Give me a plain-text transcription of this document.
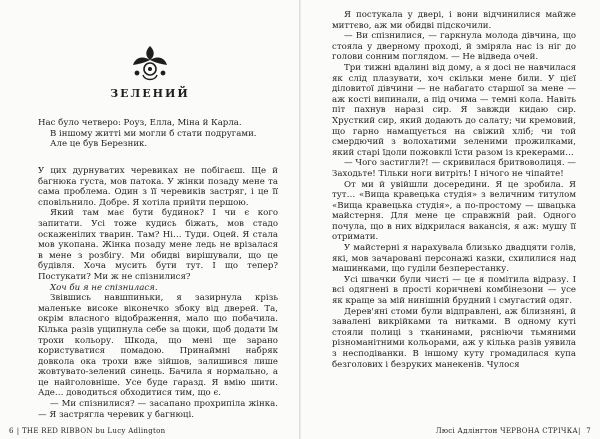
ЗЕЛЕНИЙ

Нас було четверо: Роуз, Елла, Міна й Карла.

В іншому житті ми могли б стати подругами.

Але це був Березник.

У цих дурнуватих черевиках не побігаєш. Ще й багнюка густа, мов патока. У жінки позаду мене та сама проблема. Один з її черевиків застряг, і це її сповільнило. Добре. Я хотіла прийти першою.

Який там має бути будинок? І чи є кого запитати. Усі тоже кудись біжать, мов стадо оскаженілих тварин. Там? Ні… Туди. Оцей. Я стала мов укопана. Жінка позаду мене ледь не врізалася в мене з розбігу. Ми обидві вирішували, що це будівля. Хоча мусить бути тут. І що тепер? Постукати? Ми ж не спізнилися?

Хоч би я не спізнилася.

Звівшись навшпиньки, я зазирнула крізь маленьке високе віконечко збоку від дверей. Та, окрім власного відображення, мало що побачила. Кілька разів ущипнула себе за щоки, щоб додати їм трохи кольору. Шкода, що мені ще зарано користуватися помадою. Принаймні набряк довкола ока трохи вже зійшов, залишився лише жовтувато-зелений синець. Бачила я нормально, а це найголовніше. Усе буде гаразд. Я вмію шити. Аде… доводиться обходитися тим, що є.

— Ми спізнилися? — засапано прохрипіла жінка. — Я застрягла черевик у багнюці.

6 | THE RED RIBBON bu Lucy Adlington

Я постукала у двері, і вони відчинилися майже миттєво, аж ми обидві підскочили.

— Ви спізнилися, — гаркнула молода дівчина, що стояла у дверному проході, й зміряла нас із ніг до голови сонним поглядом. — Не відведа очей.

Три тижні вдалині від дому, а я досі не навчилася як слід плазувати, хоч скільки мене били. У цієї діловитої дівчини — не набагато старшої за мене — аж кості випинали, а під очима — темні кола. Навіть піт пахнув наразі сир. Я завжди кидаю сир. Хрусткий сир, який додають до салату; чи кремовий, що гарно намащується на свіжий хліб; чи той смердючий з волохатими зеленими прожилками, який старі їдоли пожовклі їсти разом із крекерами…

— Чого застигли?! — скривилася бритвоволиця. — Заходьте! Тільки ноги витріть! І нічого не чіпайте!

От ми й увійшли досередини. Я це зробила. Я тут… «Вища кравецька студія» з величним титулом «Вища кравецька студія», а по-простому — швацька майстерня. Для мене це справжній рай. Одного почула, що в них відкрилася вакансія, я аж: мушу її отримати.

У майстерні я нарахувала близько двадцяти голів, які, мов зачаровані персонажі казки, схилилися над машинками, що гуділи безперестанку.

Усі швачки були чисті — це я помітила відразу. І всі одягнені в прості коричневі комбінезони — усе як краще за мій нинішній брудний і смугастий одяг.

Дерев'яні стоми були відправлені, аж білизняні, й завалені викрійками та нитками. В одному куті стояли полиці з тканинами, рясніючи тьмяними різноманітними кольорами, аж у кілька разів уявила з несподіванки. В іншому куту громадилася купа безголових і безруких манекенів. Чулося

Люсі Адлінгтон ЧЕРВОНА СТРІЧКА| 7
